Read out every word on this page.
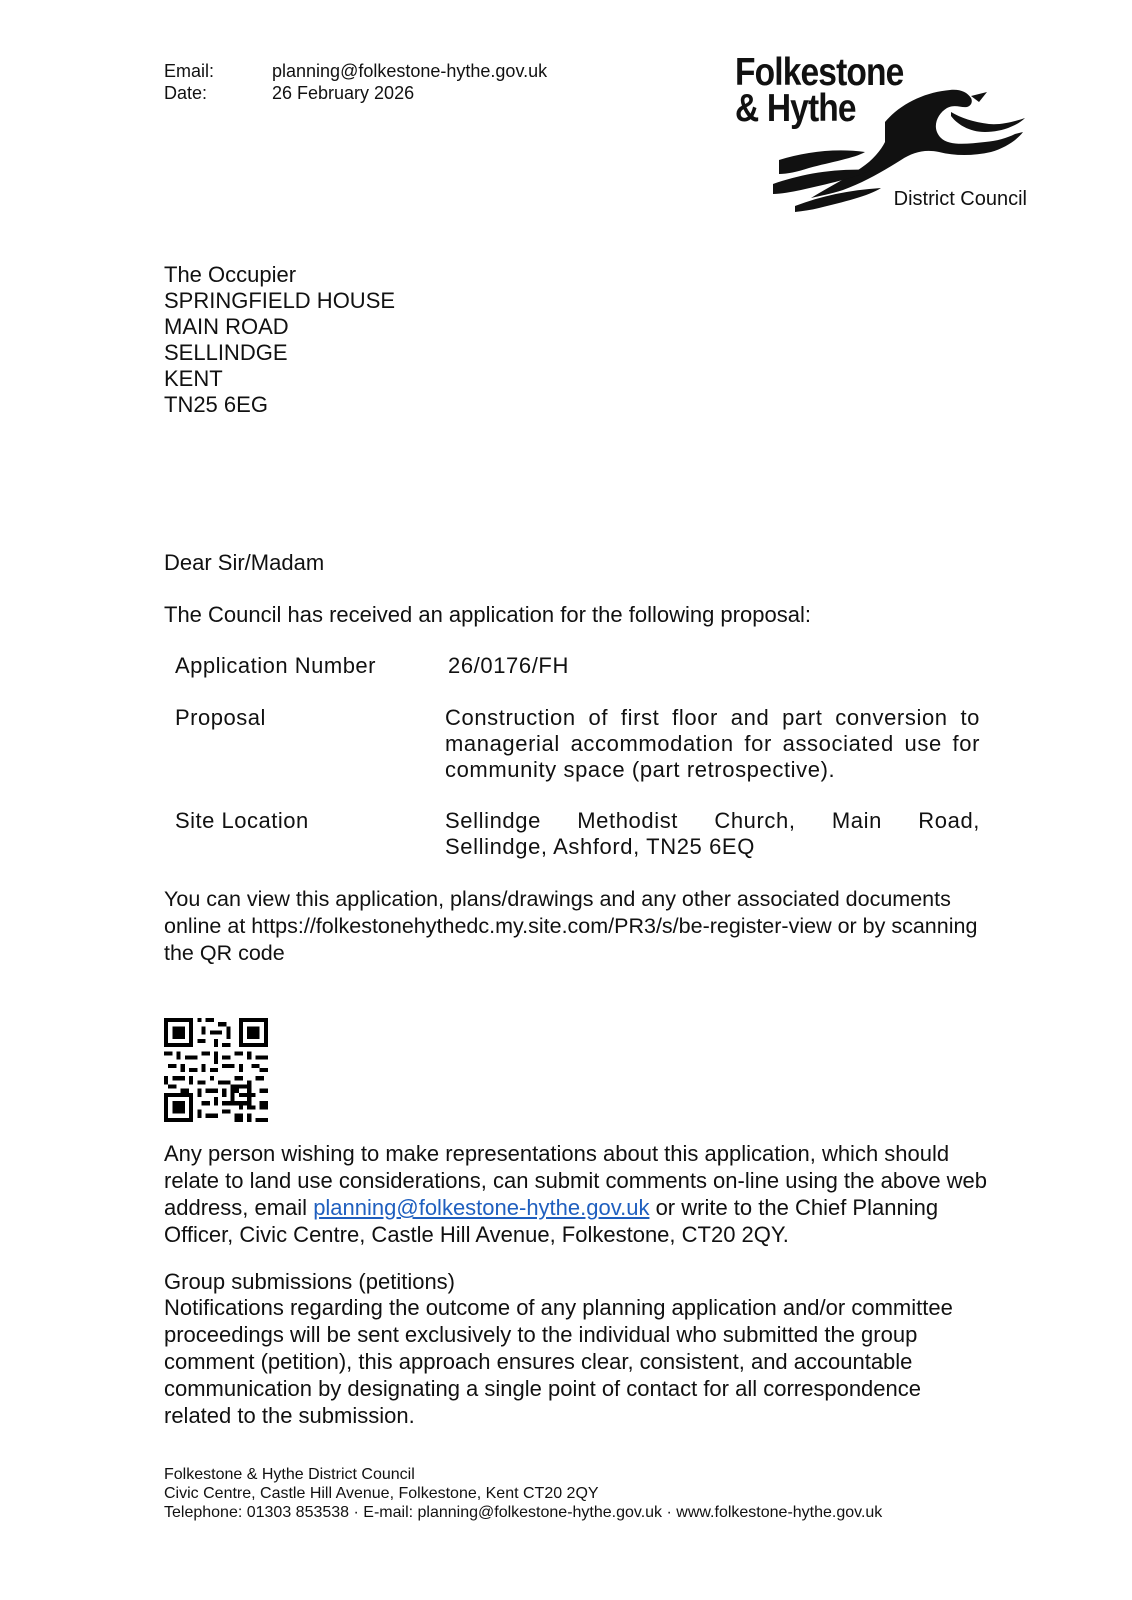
Email:	planning@folkestone-hythe.gov.uk
Date:	26 February 2026	Folkestone
& Hythe
District Council
The Occupier
SPRINGFIELD HOUSE
MAIN ROAD
SELLINDGE
KENT
TN25 6EG
Dear Sir/Madam
The Council has received an application for the following proposal:
Application Number	26/0176/FH
Proposal	Construction of first floor and part conversion to managerial accommodation for associated use for community space (part retrospective).
Site Location	Sellindge Methodist Church, Main Road,
Sellindge, Ashford, TN25 6EQ
You can view this application, plans/drawings and any other associated documents online at https://folkestonehythedc.my.site.com/PR3/s/be-register-view or by scanning the QR code
Any person wishing to make representations about this application, which should relate to land use considerations, can submit comments on-line using the above web address, email planning@folkestone-hythe.gov.uk or write to the Chief Planning Officer, Civic Centre, Castle Hill Avenue, Folkestone, CT20 2QY.
Group submissions (petitions)
Notifications regarding the outcome of any planning application and/or committee proceedings will be sent exclusively to the individual who submitted the group comment (petition), this approach ensures clear, consistent, and accountable communication by designating a single point of contact for all correspondence related to the submission.
Folkestone & Hythe District Council
Civic Centre, Castle Hill Avenue, Folkestone, Kent CT20 2QY
Telephone: 01303 853538 · E-mail: planning@folkestone-hythe.gov.uk · www.folkestone-hythe.gov.uk
